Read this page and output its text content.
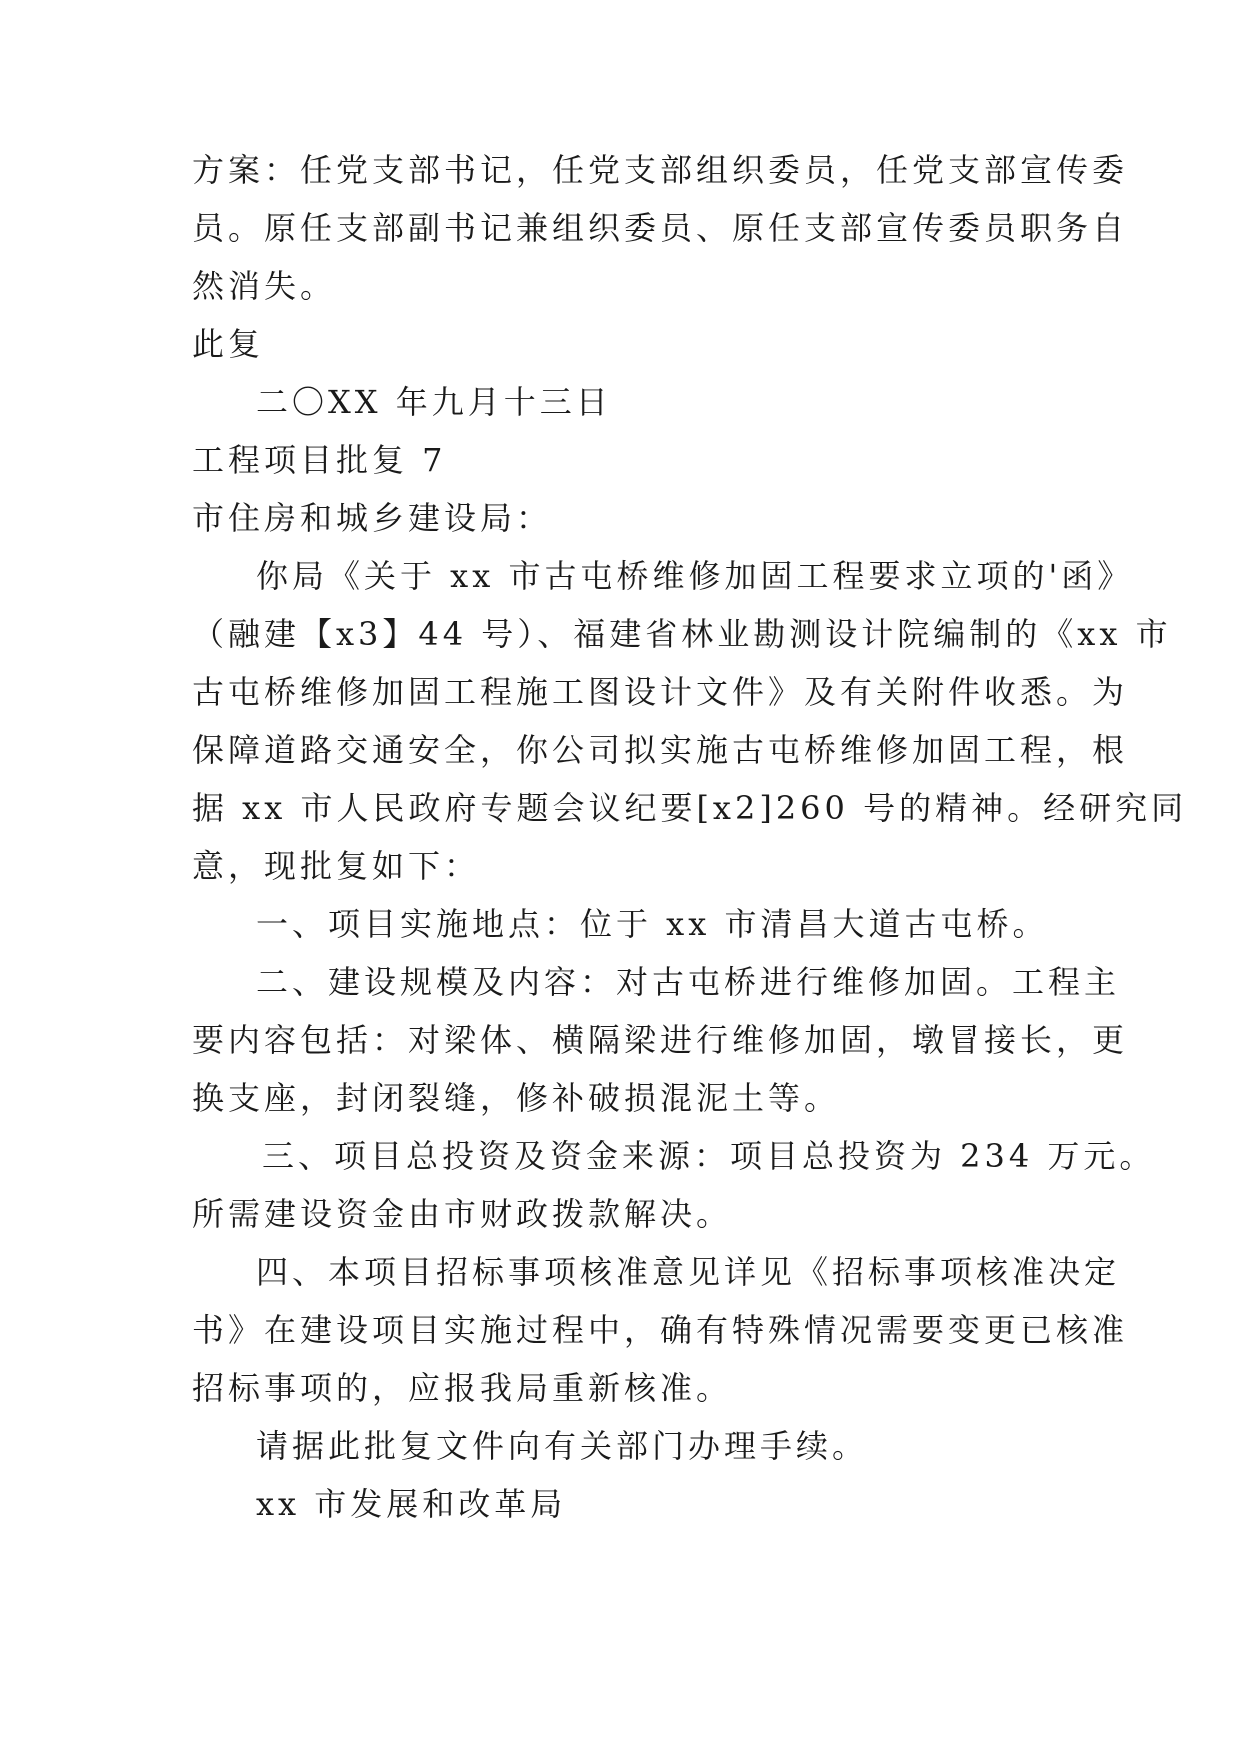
方案：任党支部书记，任党支部组织委员，任党支部宣传委
员。原任支部副书记兼组织委员、原任支部宣传委员职务自
然消失。
此复
二〇XX 年九月十三日
工程项目批复 7
市住房和城乡建设局：
你局《关于 xx 市古屯桥维修加固工程要求立项的'函》
（融建【x3】44 号）、福建省林业勘测设计院编制的《xx 市
古屯桥维修加固工程施工图设计文件》及有关附件收悉。为
保障道路交通安全，你公司拟实施古屯桥维修加固工程，根
据 xx 市人民政府专题会议纪要[x2]260 号的精神。经研究同
意，现批复如下：
一、项目实施地点：位于 xx 市清昌大道古屯桥。
二、建设规模及内容：对古屯桥进行维修加固。工程主
要内容包括：对梁体、横隔梁进行维修加固，墩冒接长，更
换支座，封闭裂缝，修补破损混泥土等。
三、项目总投资及资金来源：项目总投资为 234 万元。
所需建设资金由市财政拨款解决。
四、本项目招标事项核准意见详见《招标事项核准决定
书》在建设项目实施过程中，确有特殊情况需要变更已核准
招标事项的，应报我局重新核准。
请据此批复文件向有关部门办理手续。
xx 市发展和改革局
